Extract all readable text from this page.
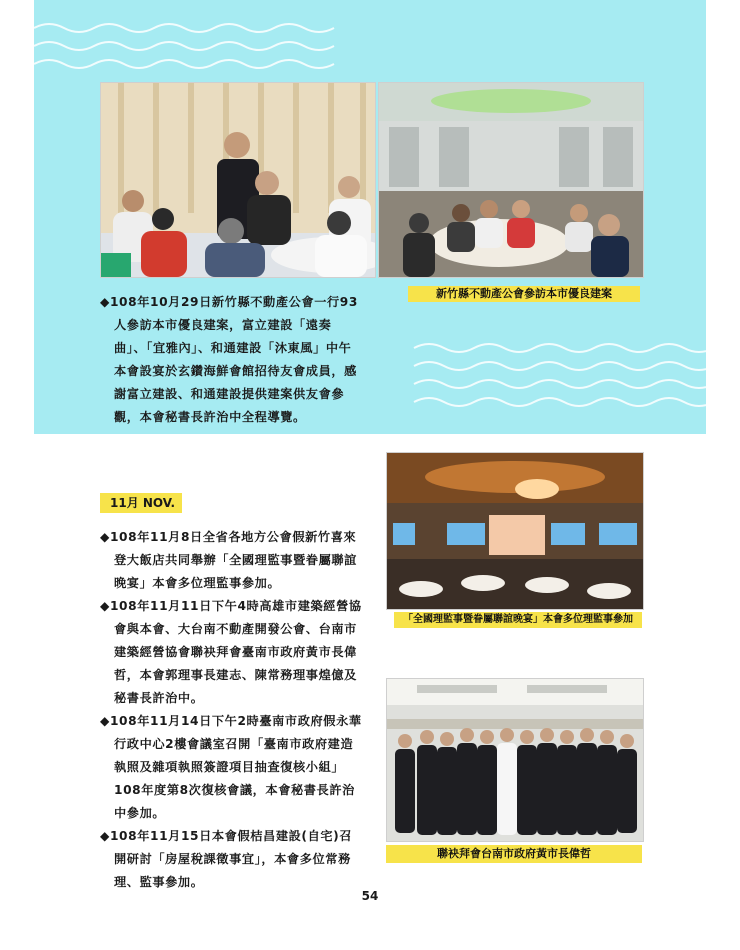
新竹縣不動產公會參訪本市優良建案

◆108年10月29日新竹縣不動產公會一行93人參訪本市優良建案，富立建設「遠奏曲」、「宜雅內」、和通建設「沐東風」中午本會設宴於玄鑽海鮮會館招待友會成員，感謝富立建設、和通建設提供建案供友會參觀，本會秘書長許治中全程導覽。

11月 NOV.

◆108年11月8日全省各地方公會假新竹喜來登大飯店共同舉辦「全國理監事暨眷屬聯誼晚宴」本會多位理監事參加。

◆108年11月11日下午4時高雄市建築經營協會與本會、大台南不動產開發公會、台南市建築經營協會聯袂拜會臺南市政府黃市長偉哲，本會郭理事長建志、陳常務理事煌億及秘書長許治中。

◆108年11月14日下午2時臺南市政府假永華行政中心2樓會議室召開「臺南市政府建造執照及雜項執照簽證項目抽查復核小組」108年度第8次復核會議，本會秘書長許治中參加。

◆108年11月15日本會假桔昌建設(自宅)召開研討「房屋稅課徵事宜」，本會多位常務理、監事參加。

「全國理監事暨眷屬聯誼晚宴」本會多位理監事參加
聯袂拜會台南市政府黃市長偉哲
54
